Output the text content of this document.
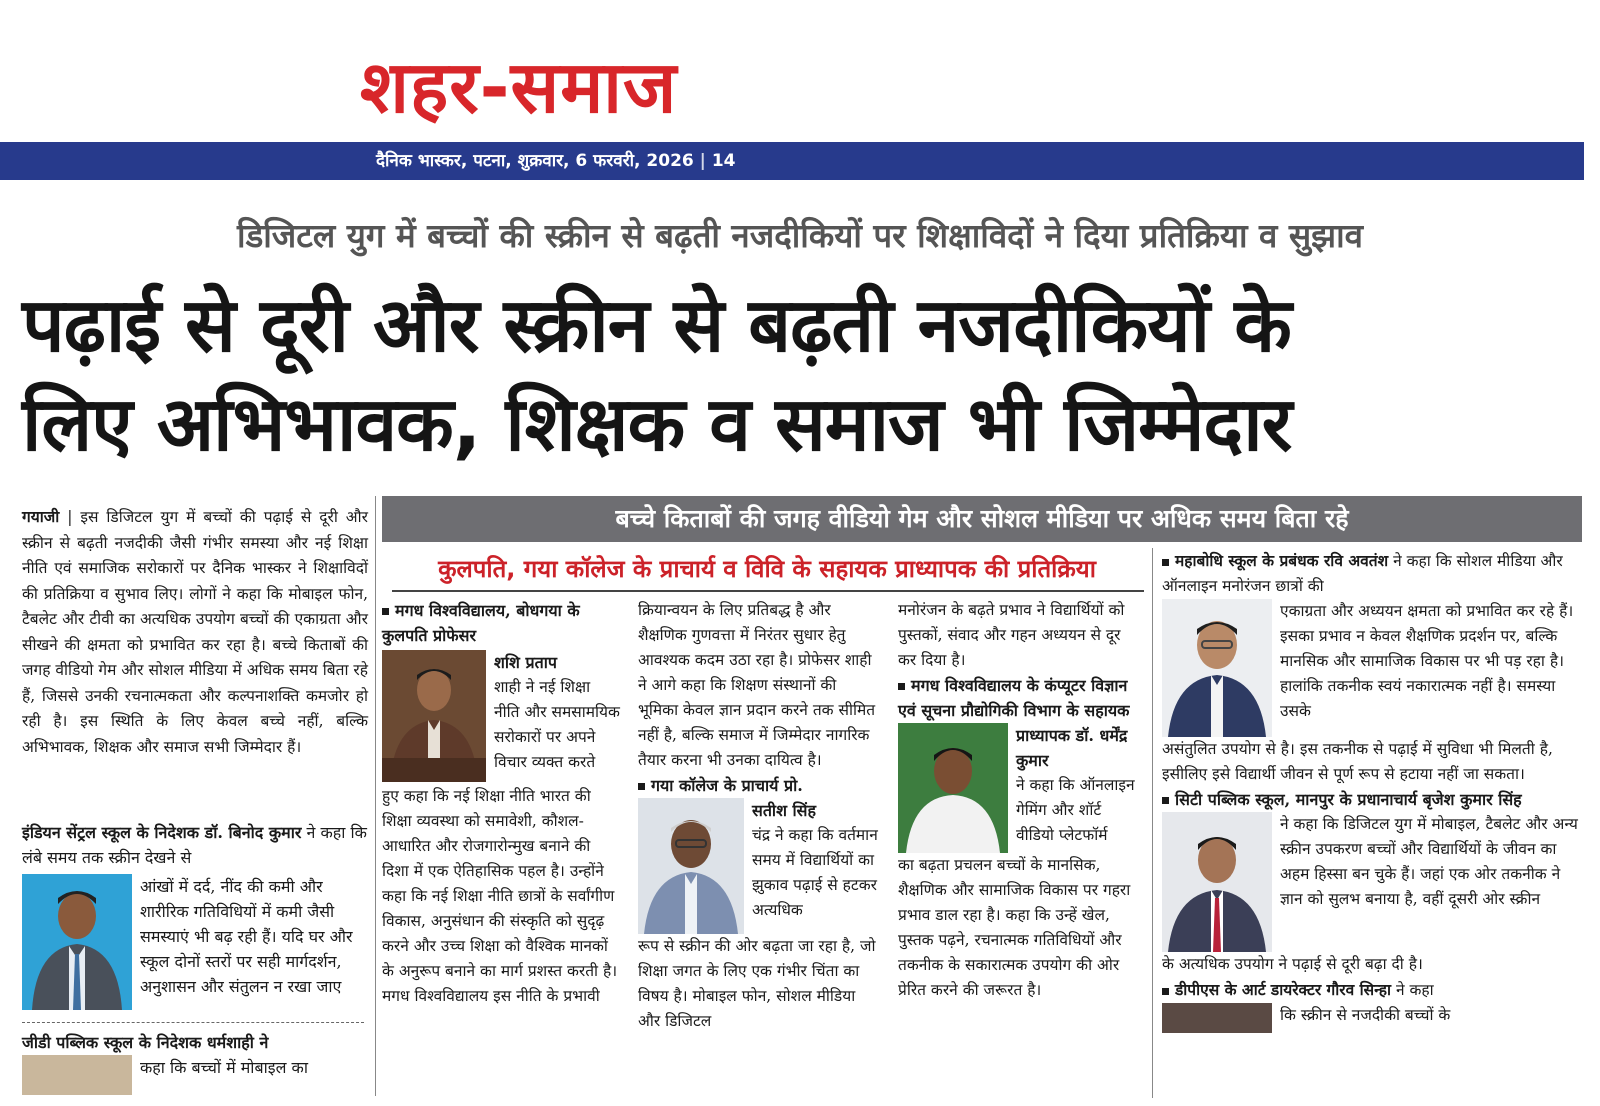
शहर-समाज
दैनिक भास्कर, पटना, शुक्रवार, 6 फरवरी, 2026 | 14
डिजिटल युग में बच्चों की स्क्रीन से बढ़ती नजदीकियों पर शिक्षाविदों ने दिया प्रतिक्रिया व सुझाव
पढ़ाई से दूरी और स्क्रीन से बढ़ती नजदीकियों के
लिए अभिभावक, शिक्षक व समाज भी जिम्मेदार

गयाजी | इस डिजिटल युग में बच्चों की पढ़ाई से दूरी और स्क्रीन से बढ़ती नजदीकी जैसी गंभीर समस्या और नई शिक्षा नीति एवं समाजिक सरोकारों पर दैनिक भास्कर ने शिक्षाविदों की प्रतिक्रिया व सुभाव लिए। लोगों ने कहा कि मोबाइल फोन, टैबलेट और टीवी का अत्यधिक उपयोग बच्चों की एकाग्रता और सीखने की क्षमता को प्रभावित कर रहा है। बच्चे किताबों की जगह वीडियो गेम और सोशल मीडिया में अधिक समय बिता रहे हैं, जिससे उनकी रचनात्मकता और कल्पनाशक्ति कमजोर हो रही है। इस स्थिति के लिए केवल बच्चे नहीं, बल्कि अभिभावक, शिक्षक और समाज सभी जिम्मेदार हैं।

इंडियन सेंट्रल स्कूल के निदेशक डॉ. बिनोद कुमार ने कहा कि लंबे समय तक स्क्रीन देखने से

आंखों में दर्द, नींद की कमी और शारीरिक गतिविधियों में कमी जैसी समस्याएं भी बढ़ रही हैं। यदि घर और स्कूल दोनों स्तरों पर सही मार्गदर्शन, अनुशासन और संतुलन न रखा जाए

जीडी पब्लिक स्कूल के निदेशक धर्मशाही ने

कहा कि बच्चों में मोबाइल का

बच्चे किताबों की जगह वीडियो गेम और सोशल मीडिया पर अधिक समय बिता रहे
कुलपति, गया कॉलेज के प्राचार्य व विवि के सहायक प्राध्यापक की प्रतिक्रिया

मगध विश्वविद्यालय, बोधगया के कुलपति प्रोफेसर

शशि प्रताप

शाही ने नई शिक्षा नीति और समसामयिक सरोकारों पर अपने विचार व्यक्त करते

हुए कहा कि नई शिक्षा नीति भारत की शिक्षा व्यवस्था को समावेशी, कौशल-आधारित और रोजगारोन्मुख बनाने की दिशा में एक ऐतिहासिक पहल है। उन्होंने कहा कि नई शिक्षा नीति छात्रों के सर्वांगीण विकास, अनुसंधान की संस्कृति को सुदृढ़ करने और उच्च शिक्षा को वैश्विक मानकों के अनुरूप बनाने का मार्ग प्रशस्त करती है। मगध विश्वविद्यालय इस नीति के प्रभावी

क्रियान्वयन के लिए प्रतिबद्ध है और शैक्षणिक गुणवत्ता में निरंतर सुधार हेतु आवश्यक कदम उठा रहा है। प्रोफेसर शाही ने आगे कहा कि शिक्षण संस्थानों की भूमिका केवल ज्ञान प्रदान करने तक सीमित नहीं है, बल्कि समाज में जिम्मेदार नागरिक तैयार करना भी उनका दायित्व है।

गया कॉलेज के प्राचार्य प्रो.

सतीश सिंह

चंद्र ने कहा कि वर्तमान समय में विद्यार्थियों का झुकाव पढ़ाई से हटकर अत्यधिक

रूप से स्क्रीन की ओर बढ़ता जा रहा है, जो शिक्षा जगत के लिए एक गंभीर चिंता का विषय है। मोबाइल फोन, सोशल मीडिया और डिजिटल

मनोरंजन के बढ़ते प्रभाव ने विद्यार्थियों को पुस्तकों, संवाद और गहन अध्ययन से दूर कर दिया है।

मगध विश्वविद्यालय के कंप्यूटर विज्ञान एवं सूचना प्रौद्योगिकी विभाग के सहायक

प्राध्यापक डॉ. धर्मेंद्र कुमार

ने कहा कि ऑनलाइन गेमिंग और शॉर्ट वीडियो प्लेटफॉर्म

का बढ़ता प्रचलन बच्चों के मानसिक, शैक्षणिक और सामाजिक विकास पर गहरा प्रभाव डाल रहा है। कहा कि उन्हें खेल, पुस्तक पढ़ने, रचनात्मक गतिविधियों और तकनीक के सकारात्मक उपयोग की ओर प्रेरित करने की जरूरत है।

महाबोधि स्कूल के प्रबंधक रवि अवतंश ने कहा कि सोशल मीडिया और ऑनलाइन मनोरंजन छात्रों की

एकाग्रता और अध्ययन क्षमता को प्रभावित कर रहे हैं। इसका प्रभाव न केवल शैक्षणिक प्रदर्शन पर, बल्कि मानसिक और सामाजिक विकास पर भी पड़ रहा है। हालांकि तकनीक स्वयं नकारात्मक नहीं है। समस्या उसके

असंतुलित उपयोग से है। इस तकनीक से पढ़ाई में सुविधा भी मिलती है, इसीलिए इसे विद्यार्थी जीवन से पूर्ण रूप से हटाया नहीं जा सकता।

सिटी पब्लिक स्कूल, मानपुर के प्रधानाचार्य बृजेश कुमार सिंह

ने कहा कि डिजिटल युग में मोबाइल, टैबलेट और अन्य स्क्रीन उपकरण बच्चों और विद्यार्थियों के जीवन का अहम हिस्सा बन चुके हैं। जहां एक ओर तकनीक ने ज्ञान को सुलभ बनाया है, वहीं दूसरी ओर स्क्रीन

के अत्यधिक उपयोग ने पढ़ाई से दूरी बढ़ा दी है।

डीपीएस के आर्ट डायरेक्टर गौरव सिन्हा ने कहा

कि स्क्रीन से नजदीकी बच्चों के
